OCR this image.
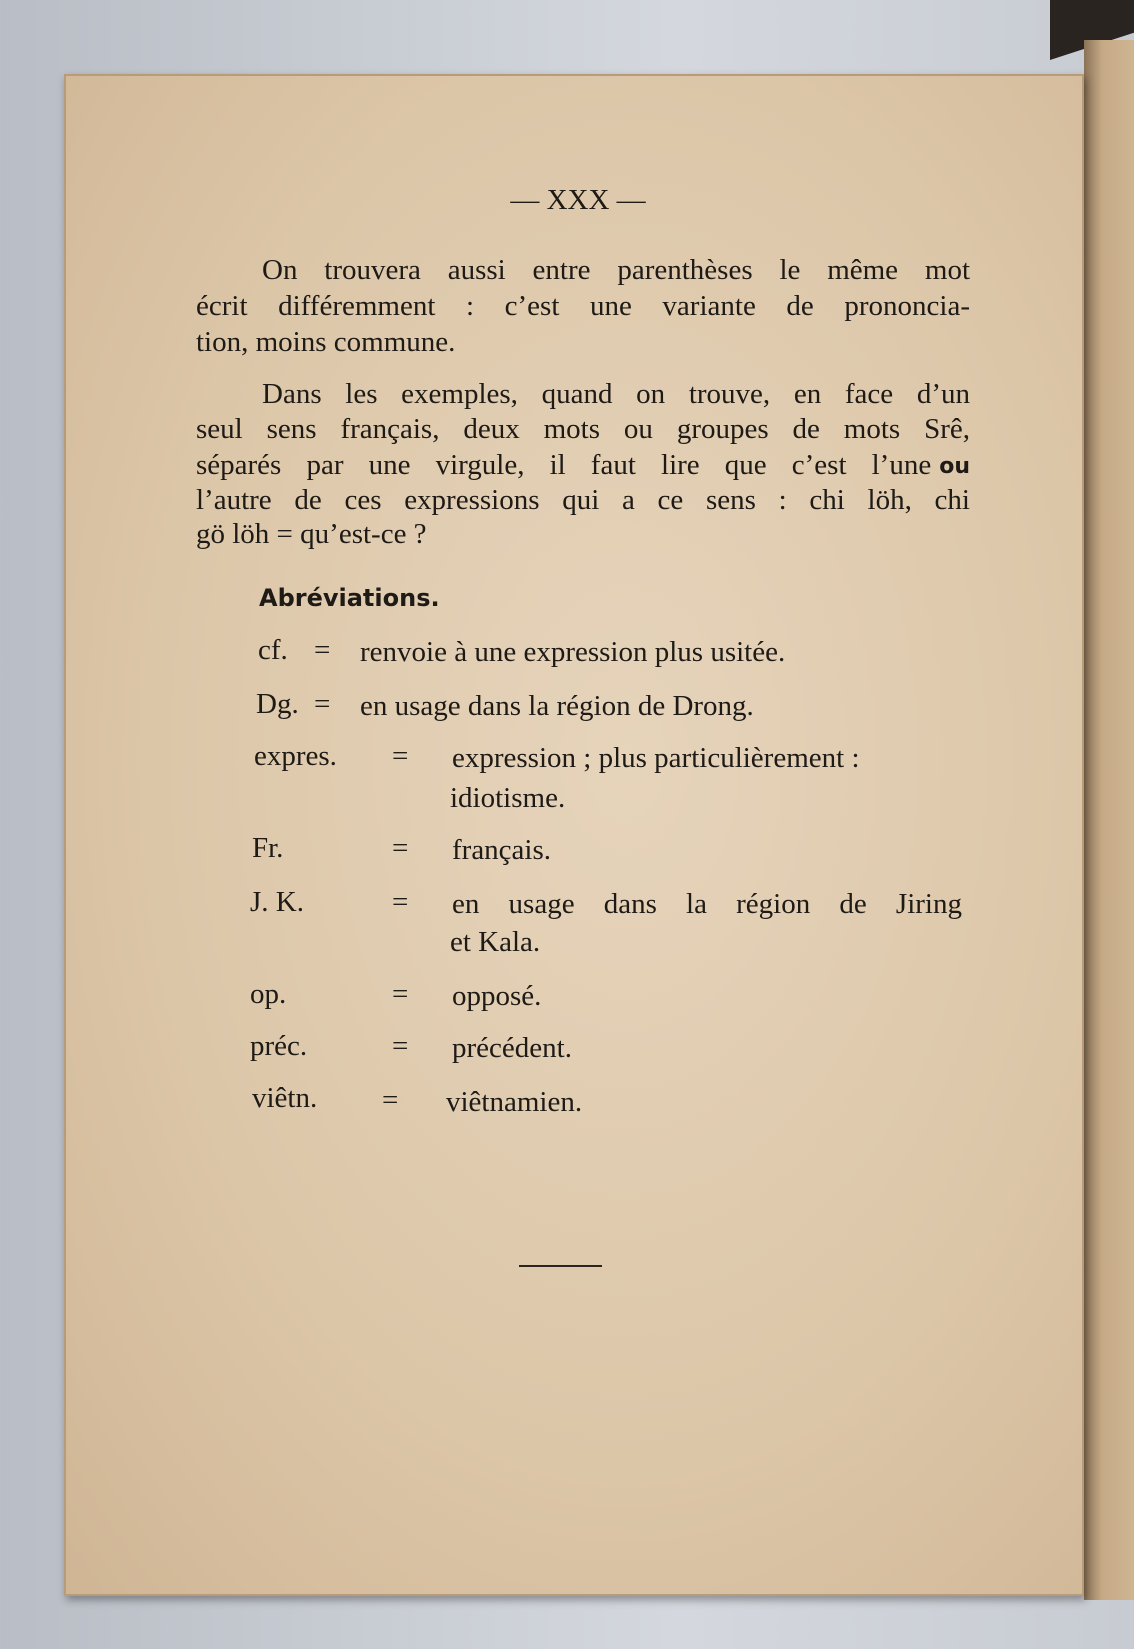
— XXX —
On trouvera aussi entre parenthèses le même mot
écrit différemment : c’est une variante de prononcia-
tion, moins commune.
Dans les exemples, quand on trouve, en face d’un
seul sens français, deux mots ou groupes de mots Srê,
séparés par une virgule, il faut lire que c’est l’une ou
l’autre de ces expressions qui a ce sens : chi löh, chi
gö löh = qu’est-ce ?
Abréviations.
cf. = renvoie à une expression plus usitée.
Dg. = en usage dans la région de Drong.
expres. = expression ; plus particulièrement :
idiotisme.
Fr.	= français.
J. K.	= en usage dans la région de Jiring
et Kala.
op.	= opposé.
préc.	= précédent.
viêtn. = viêtnamien.
